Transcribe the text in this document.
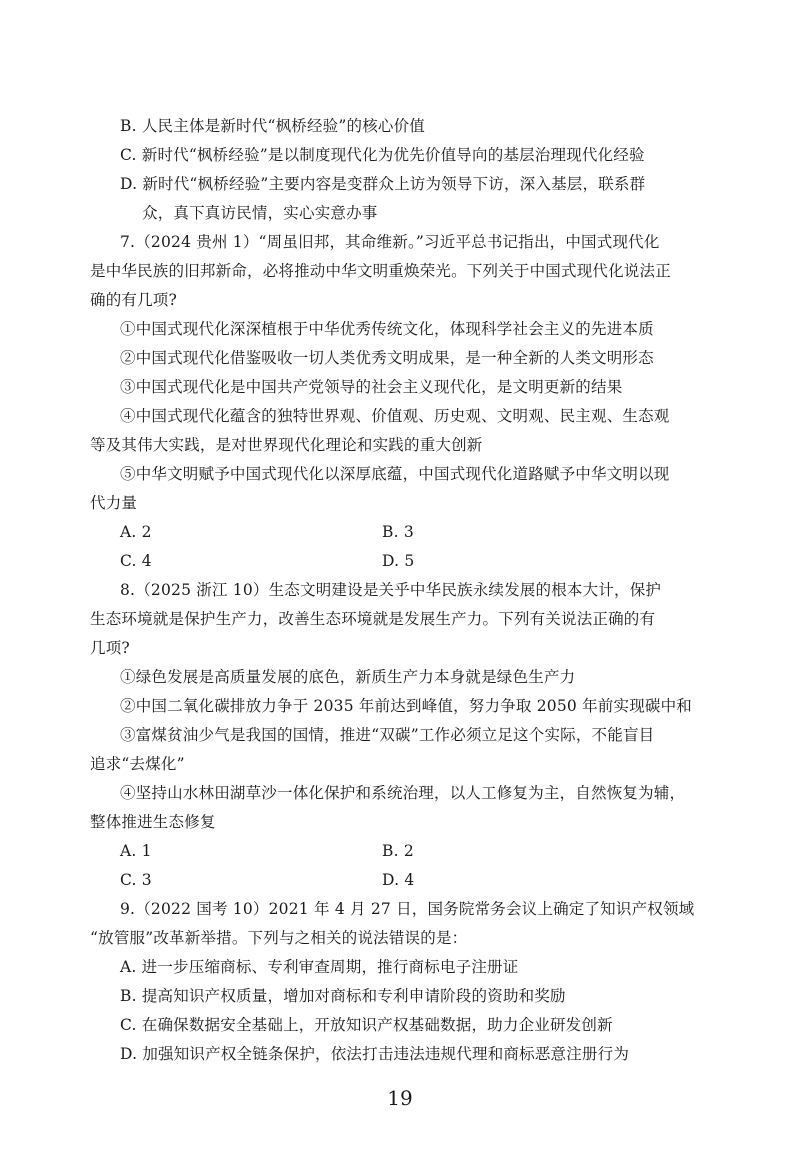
B. 人民主体是新时代“枫桥经验”的核心价值
C. 新时代“枫桥经验”是以制度现代化为优先价值导向的基层治理现代化经验
D. 新时代“枫桥经验”主要内容是变群众上访为领导下访，深入基层，联系群
众，真下真访民情，实心实意办事
7.（2024 贵州 1）“周虽旧邦，其命维新。”习近平总书记指出，中国式现代化
是中华民族的旧邦新命，必将推动中华文明重焕荣光。下列关于中国式现代化说法正
确的有几项?
①中国式现代化深深植根于中华优秀传统文化，体现科学社会主义的先进本质
②中国式现代化借鉴吸收一切人类优秀文明成果，是一种全新的人类文明形态
③中国式现代化是中国共产党领导的社会主义现代化，是文明更新的结果
④中国式现代化蕴含的独特世界观、价值观、历史观、文明观、民主观、生态观
等及其伟大实践，是对世界现代化理论和实践的重大创新
⑤中华文明赋予中国式现代化以深厚底蕴，中国式现代化道路赋予中华文明以现
代力量
A. 2	B. 3
C. 4	D. 5
8.（2025 浙江 10）生态文明建设是关乎中华民族永续发展的根本大计，保护
生态环境就是保护生产力，改善生态环境就是发展生产力。下列有关说法正确的有
几项?
①绿色发展是高质量发展的底色，新质生产力本身就是绿色生产力
②中国二氧化碳排放力争于 2035 年前达到峰值，努力争取 2050 年前实现碳中和
③富煤贫油少气是我国的国情，推进“双碳”工作必须立足这个实际，不能盲目
追求“去煤化”
④坚持山水林田湖草沙一体化保护和系统治理，以人工修复为主，自然恢复为辅，
整体推进生态修复
A. 1	B. 2
C. 3	D. 4
9.（2022 国考 10）2021 年 4 月 27 日，国务院常务会议上确定了知识产权领域
“放管服”改革新举措。下列与之相关的说法错误的是：
A. 进一步压缩商标、专利审查周期，推行商标电子注册证
B. 提高知识产权质量，增加对商标和专利申请阶段的资助和奖励
C. 在确保数据安全基础上，开放知识产权基础数据，助力企业研发创新
D. 加强知识产权全链条保护，依法打击违法违规代理和商标恶意注册行为
19
